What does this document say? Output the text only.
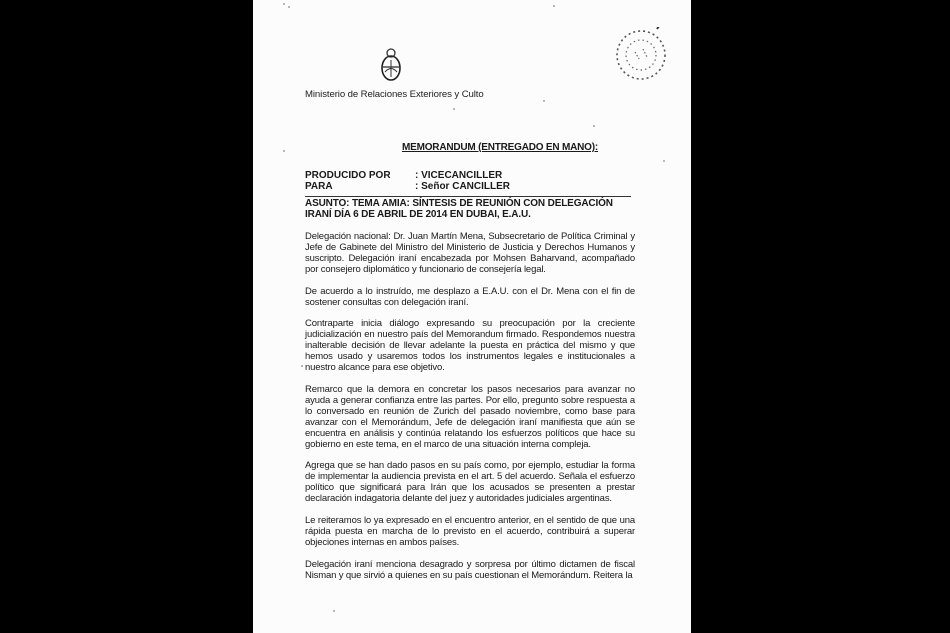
Ministerio de Relaciones Exteriores y Culto
MEMORANDUM (ENTREGADO EN MANO):
PRODUCIDO POR	: VICECANCILLER
PARA	: Señor CANCILLER
ASUNTO: TEMA AMIA: SÍNTESIS DE REUNIÓN CON DELEGACIÓN IRANÍ DÍA 6 DE ABRIL DE 2014 EN DUBAI, E.A.U.

Delegación nacional: Dr. Juan Martín Mena, Subsecretario de Política Criminal y Jefe de Gabinete del Ministro del Ministerio de Justicia y Derechos Humanos y suscripto. Delegación iraní encabezada por Mohsen Baharvand, acompañado por consejero diplomático y funcionario de consejería legal.

De acuerdo a lo instruído, me desplazo a E.A.U. con el Dr. Mena con el fin de sostener consultas con delegación iraní.

Contraparte inicia diálogo expresando su preocupación por la creciente judicialización en nuestro país del Memorandum firmado. Respondemos nuestra inalterable decisión de llevar adelante la puesta en práctica del mismo y que hemos usado y usaremos todos los instrumentos legales e institucionales a nuestro alcance para ese objetivo.

Remarco que la demora en concretar los pasos necesarios para avanzar no ayuda a generar confianza entre las partes. Por ello, pregunto sobre respuesta a lo conversado en reunión de Zurich del pasado noviembre, como base para avanzar con el Memorándum, Jefe de delegación iraní manifiesta que aún se encuentra en análisis y continúa relatando los esfuerzos políticos que hace su gobierno en este tema, en el marco de una situación interna compleja.

Agrega que se han dado pasos en su país como, por ejemplo, estudiar la forma de implementar la audiencia prevista en el art. 5 del acuerdo. Señala el esfuerzo político que significará para Irán que los acusados se presenten a prestar declaración indagatoria delante del juez y autoridades judiciales argentinas.

Le reiteramos lo ya expresado en el encuentro anterior, en el sentido de que una rápida puesta en marcha de lo previsto en el acuerdo, contribuirá a superar objeciones internas en ambos países.

Delegación iraní menciona desagrado y sorpresa por último dictamen de fiscal Nisman y que sirvió a quienes en su país cuestionan el Memorándum. Reitera la
